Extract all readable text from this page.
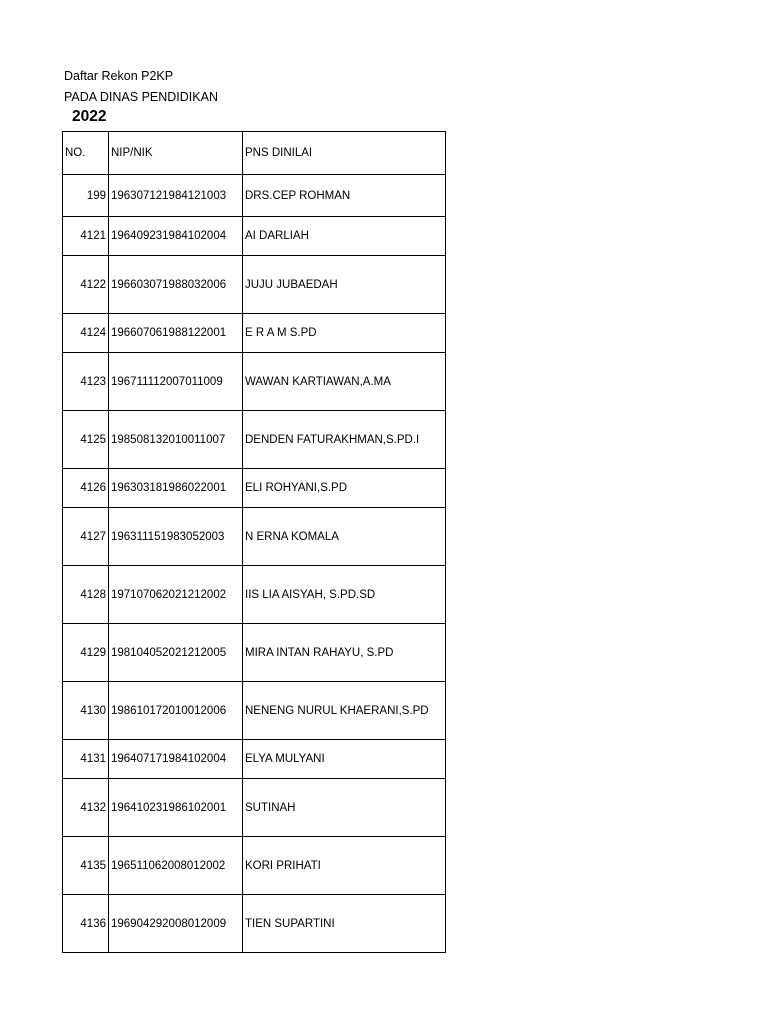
Daftar Rekon P2KP
PADA DINAS PENDIDIKAN
2022
NO.	NIP/NIK	PNS DINILAI
199	196307121984121003	DRS.CEP ROHMAN
4121	196409231984102004	AI DARLIAH
4122	196603071988032006	JUJU JUBAEDAH
4124	196607061988122001	E R A M S.PD
4123	196711112007011009	WAWAN KARTIAWAN,A.MA
4125	198508132010011007	DENDEN FATURAKHMAN,S.PD.I
4126	196303181986022001	ELI ROHYANI,S.PD
4127	196311151983052003	N ERNA KOMALA
4128	197107062021212002	IIS LIA AISYAH, S.PD.SD
4129	198104052021212005	MIRA INTAN RAHAYU, S.PD
4130	198610172010012006	NENENG NURUL KHAERANI,S.PD
4131	196407171984102004	ELYA MULYANI
4132	196410231986102001	SUTINAH
4135	196511062008012002	KORI PRIHATI
4136	196904292008012009	TIEN SUPARTINI
